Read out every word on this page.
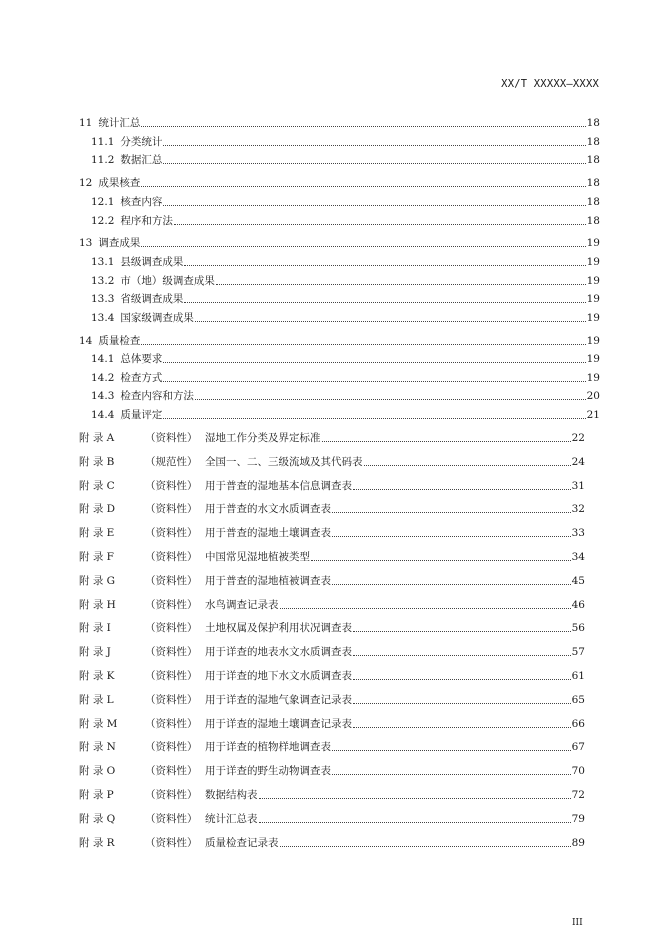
XX/T XXXXX—XXXX
11 统计汇总	18
11.1 分类统计	18
11.2 数据汇总	18
12 成果核查	18
12.1 核查内容	18
12.2 程序和方法	18
13 调查成果	19
13.1 县级调查成果	19
13.2 市（地）级调查成果	19
13.3 省级调查成果	19
13.4 国家级调查成果	19
14 质量检查	19
14.1 总体要求	19
14.2 检查方式	19
14.3 检查内容和方法	20
14.4 质量评定	21
附 录 A	（资料性） 湿地工作分类及界定标准	22
附 录 B	（规范性） 全国一、二、三级流域及其代码表	24
附 录 C	（资料性） 用于普查的湿地基本信息调查表	31
附 录 D	（资料性） 用于普查的水文水质调查表	32
附 录 E	（资料性） 用于普查的湿地土壤调查表	33
附 录 F	（资料性） 中国常见湿地植被类型	34
附 录 G	（资料性） 用于普查的湿地植被调查表	45
附 录 H	（资料性） 水鸟调查记录表	46
附 录 I	（资料性） 土地权属及保护利用状况调查表	56
附 录 J	（资料性） 用于详查的地表水文水质调查表	57
附 录 K	（资料性） 用于详查的地下水文水质调查表	61
附 录 L	（资料性） 用于详查的湿地气象调查记录表	65
附 录 M	（资料性） 用于详查的湿地土壤调查记录表	66
附 录 N	（资料性） 用于详查的植物样地调查表	67
附 录 O	（资料性） 用于详查的野生动物调查表	70
附 录 P	（资料性） 数据结构表	72
附 录 Q	（资料性） 统计汇总表	79
附 录 R	（资料性） 质量检查记录表	89
III
